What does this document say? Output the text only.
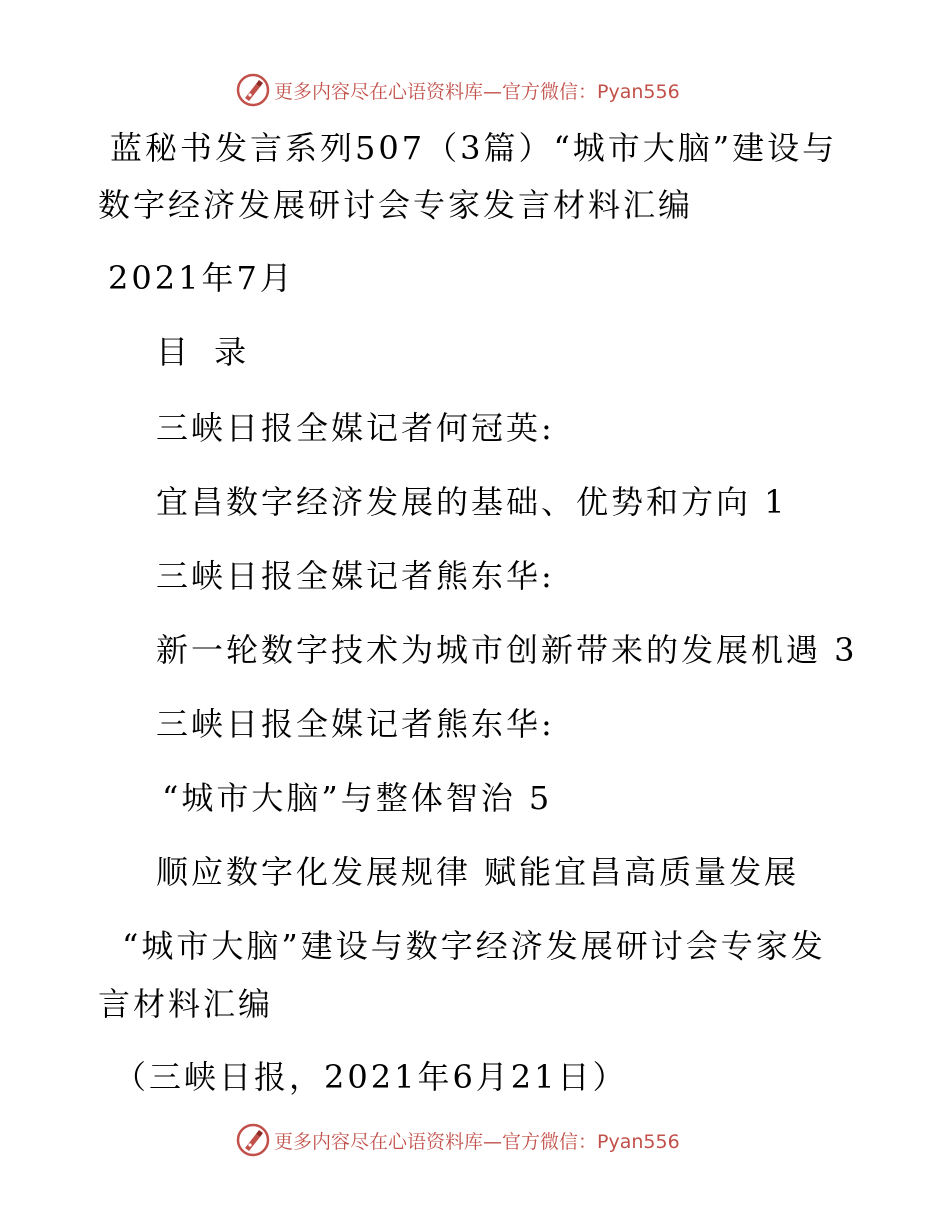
更多内容尽在心语资料库— 官方微信：Pyan556
蓝秘书发言系列507（3篇）“城市大脑”建设与
数字经济发展研讨会专家发言材料汇编
2021年7月
目 录
三峡日报全媒记者何冠英:
宜昌数字经济发展的基础、优势和方向 1
三峡日报全媒记者熊东华:
新一轮数字技术为城市创新带来的发展机遇 3
三峡日报全媒记者熊东华:
“城市大脑”与整体智治 5
顺应数字化发展规律 赋能宜昌高质量发展
“城市大脑”建设与数字经济发展研讨会专家发
言材料汇编
（三峡日报，2021年6月21日）
更多内容尽在心语资料库— 官方微信：Pyan556
